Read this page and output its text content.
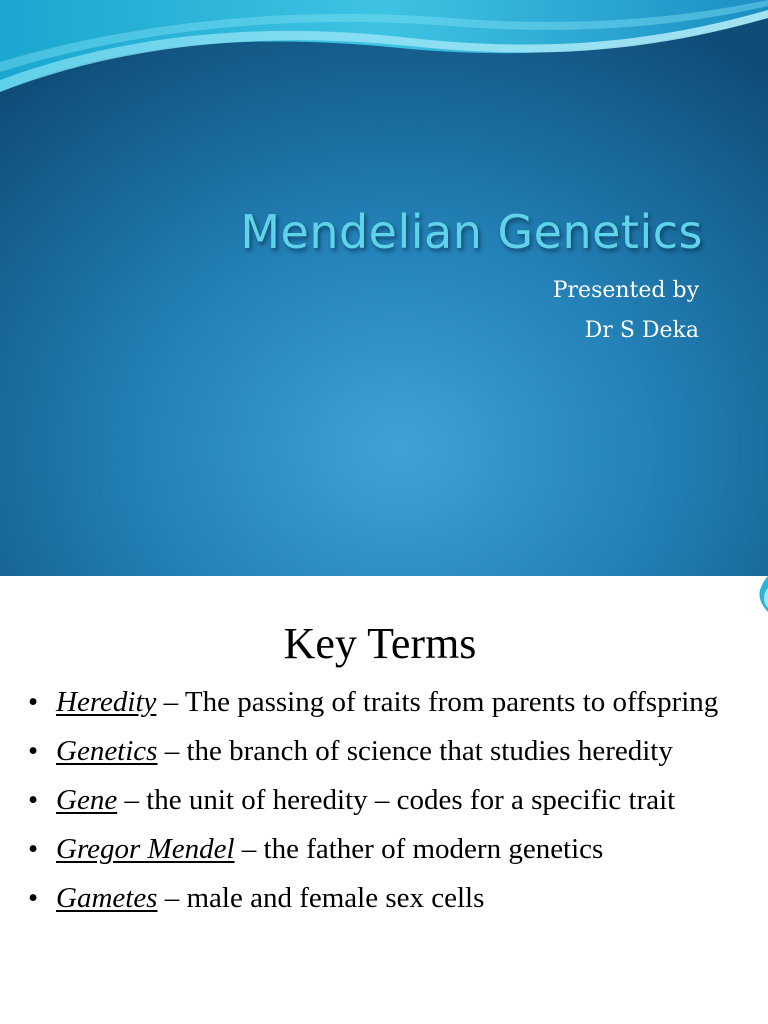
Mendelian Genetics
Presented by
Dr S Deka
Key Terms
• Heredity – The passing of traits from parents to offspring
• Genetics – the branch of science that studies heredity
• Gene – the unit of heredity – codes for a specific trait
• Gregor Mendel – the father of modern genetics
• Gametes – male and female sex cells
